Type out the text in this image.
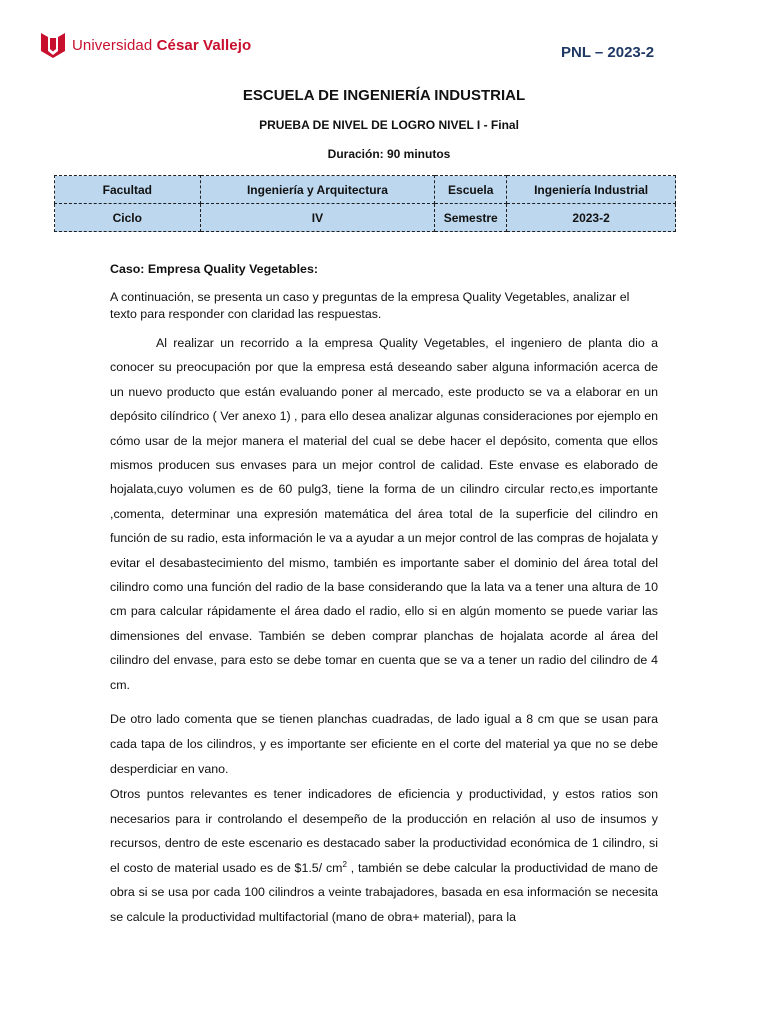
Universidad César Vallejo	PNL – 2023-2
ESCUELA DE INGENIERÍA INDUSTRIAL
PRUEBA DE NIVEL DE LOGRO NIVEL I - Final
Duración: 90 minutos
Facultad	Ingeniería y Arquitectura	Escuela	Ingeniería Industrial
Ciclo	IV	Semestre	2023-2
Caso: Empresa Quality Vegetables:
A continuación, se presenta un caso y preguntas de la empresa Quality Vegetables, analizar el texto para responder con claridad las respuestas.
Al realizar un recorrido a la empresa Quality Vegetables, el ingeniero de planta dio a conocer su preocupación por que la empresa está deseando saber alguna información acerca de un nuevo producto que están evaluando poner al mercado, este producto se va a elaborar en un depósito cilíndrico ( Ver anexo 1) , para ello desea analizar algunas consideraciones por ejemplo en cómo usar de la mejor manera el material del cual se debe hacer el depósito, comenta que ellos mismos producen sus envases para un mejor control de calidad. Este envase es elaborado de hojalata,cuyo volumen es de 60 pulg3, tiene la forma de un cilindro circular recto,es importante ,comenta, determinar una expresión matemática del área total de la superficie del cilindro en función de su radio, esta información le va a ayudar a un mejor control de las compras de hojalata y evitar el desabastecimiento del mismo, también es importante saber el dominio del área total del cilindro como una función del radio de la base considerando que la lata va a tener una altura de 10 cm para calcular rápidamente el área dado el radio, ello si en algún momento se puede variar las dimensiones del envase. También se deben comprar planchas de hojalata acorde al área del cilindro del envase, para esto se debe tomar en cuenta que se va a tener un radio del cilindro de 4 cm.
De otro lado comenta que se tienen planchas cuadradas, de lado igual a 8 cm que se usan para cada tapa de los cilindros, y es importante ser eficiente en el corte del material ya que no se debe desperdiciar en vano.
Otros puntos relevantes es tener indicadores de eficiencia y productividad, y estos ratios son necesarios para ir controlando el desempeño de la producción en relación al uso de insumos y recursos, dentro de este escenario es destacado saber la productividad económica de 1 cilindro, si el costo de material usado es de $1.5/ $cm^2$ , también se debe calcular la productividad de mano de obra si se usa por cada 100 cilindros a veinte trabajadores, basada en esa información se necesita se calcule la productividad multifactorial (mano de obra+ material), para la
